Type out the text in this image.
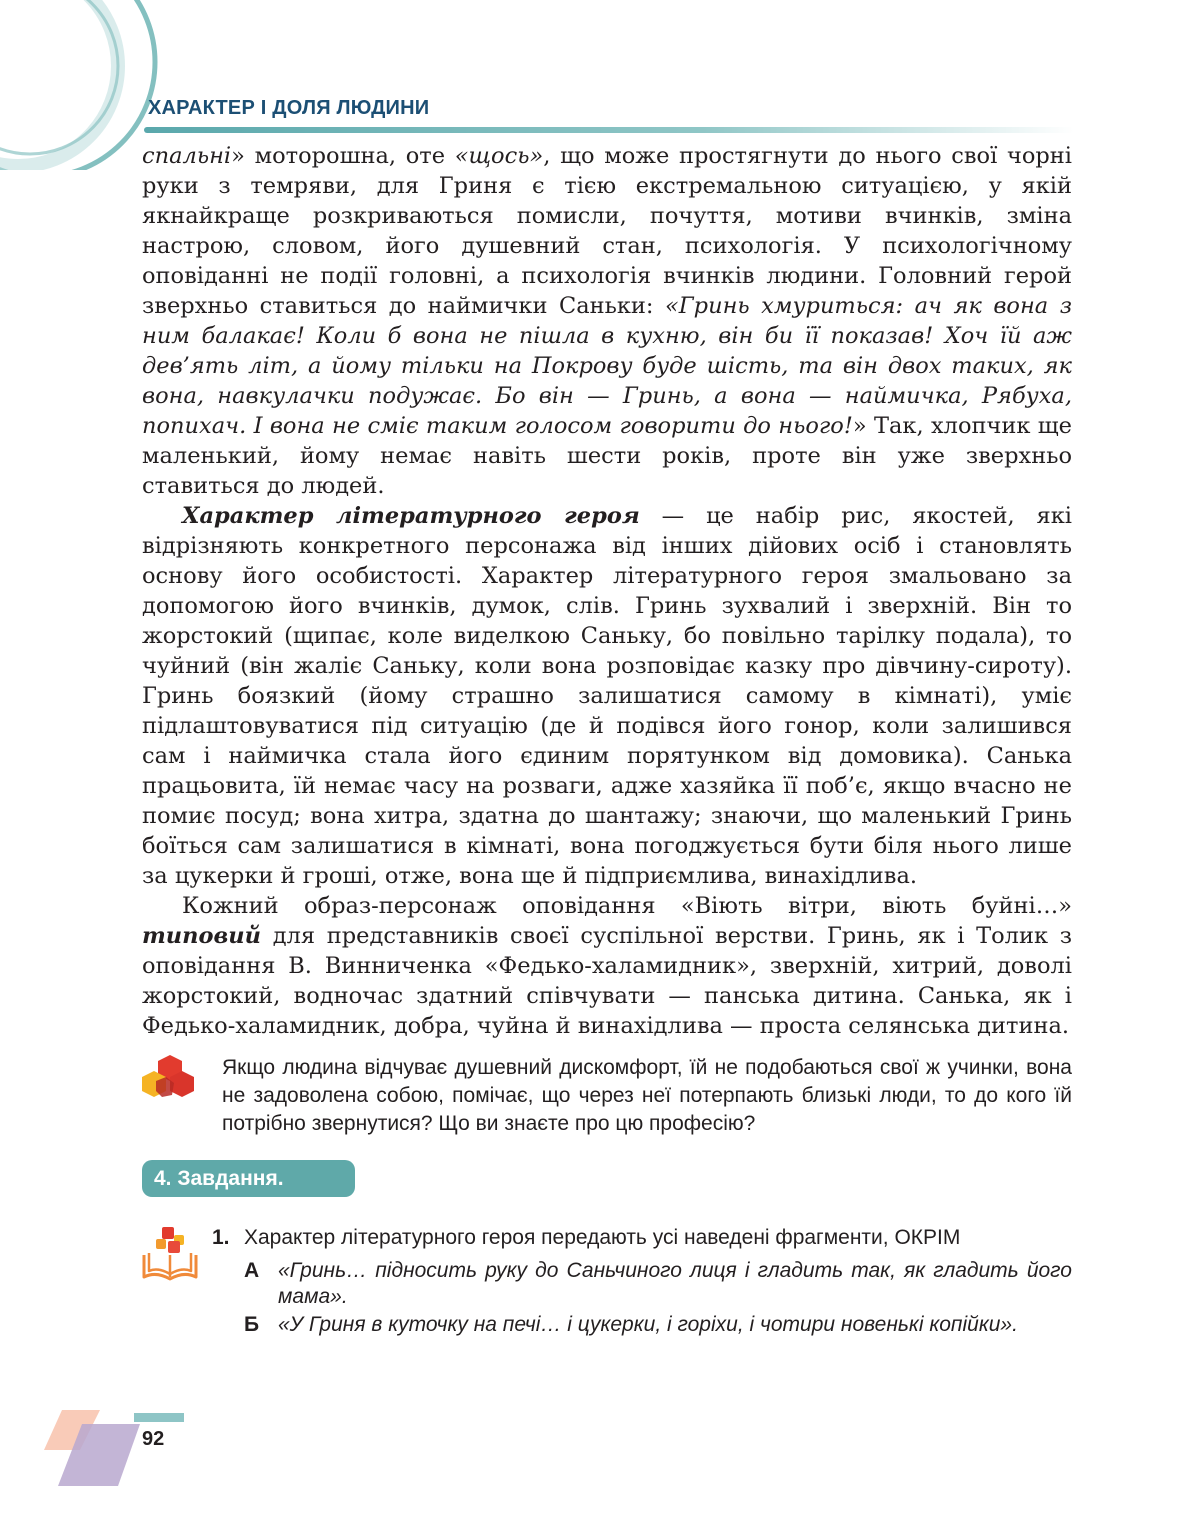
ХАРАКТЕР І ДОЛЯ ЛЮДИНИ

спальні» моторошна, оте «щось», що може простягнути до нього свої чорні руки з темряви, для Гриня є тією екстремальною ситуацією, у якій якнайкраще розкриваються помисли, почуття, мотиви вчинків, зміна настрою, словом, його душевний стан, психологія. У психологічному оповіданні не події головні, а психологія вчинків людини. Головний герой зверхньо ставиться до наймички Саньки: «Гринь хмуриться: ач як вона з ним балакає! Коли б вона не пішла в кухню, він би її показав! Хоч їй аж дев’ять літ, а йому тільки на Покрову буде шість, та він двох таких, як вона, навкулачки подужає. Бо він — Гринь, а вона — наймичка, Рябуха, попихач. І вона не сміє таким голосом говорити до нього!» Так, хлопчик ще маленький, йому немає навіть шести років, проте він уже зверхньо ставиться до людей.

Характер літературного героя — це набір рис, якостей, які відрізняють конкретного персонажа від інших дійових осіб і становлять основу його особистості. Характер літературного героя змальовано за допомогою його вчинків, думок, слів. Гринь зухвалий і зверхній. Він то жорстокий (щипає, коле виделкою Саньку, бо повільно тарілку подала), то чуйний (він жаліє Саньку, коли вона розповідає казку про дівчину-сироту). Гринь боязкий (йому страшно залишатися самому в кімнаті), уміє підлаштовуватися під ситуацію (де й подівся його гонор, коли залишився сам і наймичка стала його єдиним порятунком від домовика). Санька працьовита, їй немає часу на розваги, адже хазяйка її поб’є, якщо вчасно не помиє посуд; вона хитра, здатна до шантажу; знаючи, що маленький Гринь боїться сам залишатися в кімнаті, вона погоджується бути біля нього лише за цукерки й гроші, отже, вона ще й підприємлива, винахідлива.

Кожний образ-персонаж оповідання «Віють вітри, віють буйні…» типовий для представників своєї суспільної верстви. Гринь, як і Толик з оповідання В. Винниченка «Федько-халамидник», зверхній, хитрий, доволі жорстокий, водночас здатний співчувати — панська дитина. Санька, як і Федько-халамидник, добра, чуйна й винахідлива — проста селянська дитина.

Якщо людина відчуває душевний дискомфорт, їй не подобаються свої ж учинки, вона не задоволена собою, помічає, що через неї потерпають близькі люди, то до кого їй потрібно звернутися? Що ви знаєте про цю професію?
4. Завдання.
1. Характер літературного героя передають усі наведені фрагменти, ОКРІМ
А «Гринь… підносить руку до Саньчиного лиця і гладить так, як гладить його мама».
Б «У Гриня в куточку на печі… і цукерки, і горіхи, і чотири новенькі копійки».
92
